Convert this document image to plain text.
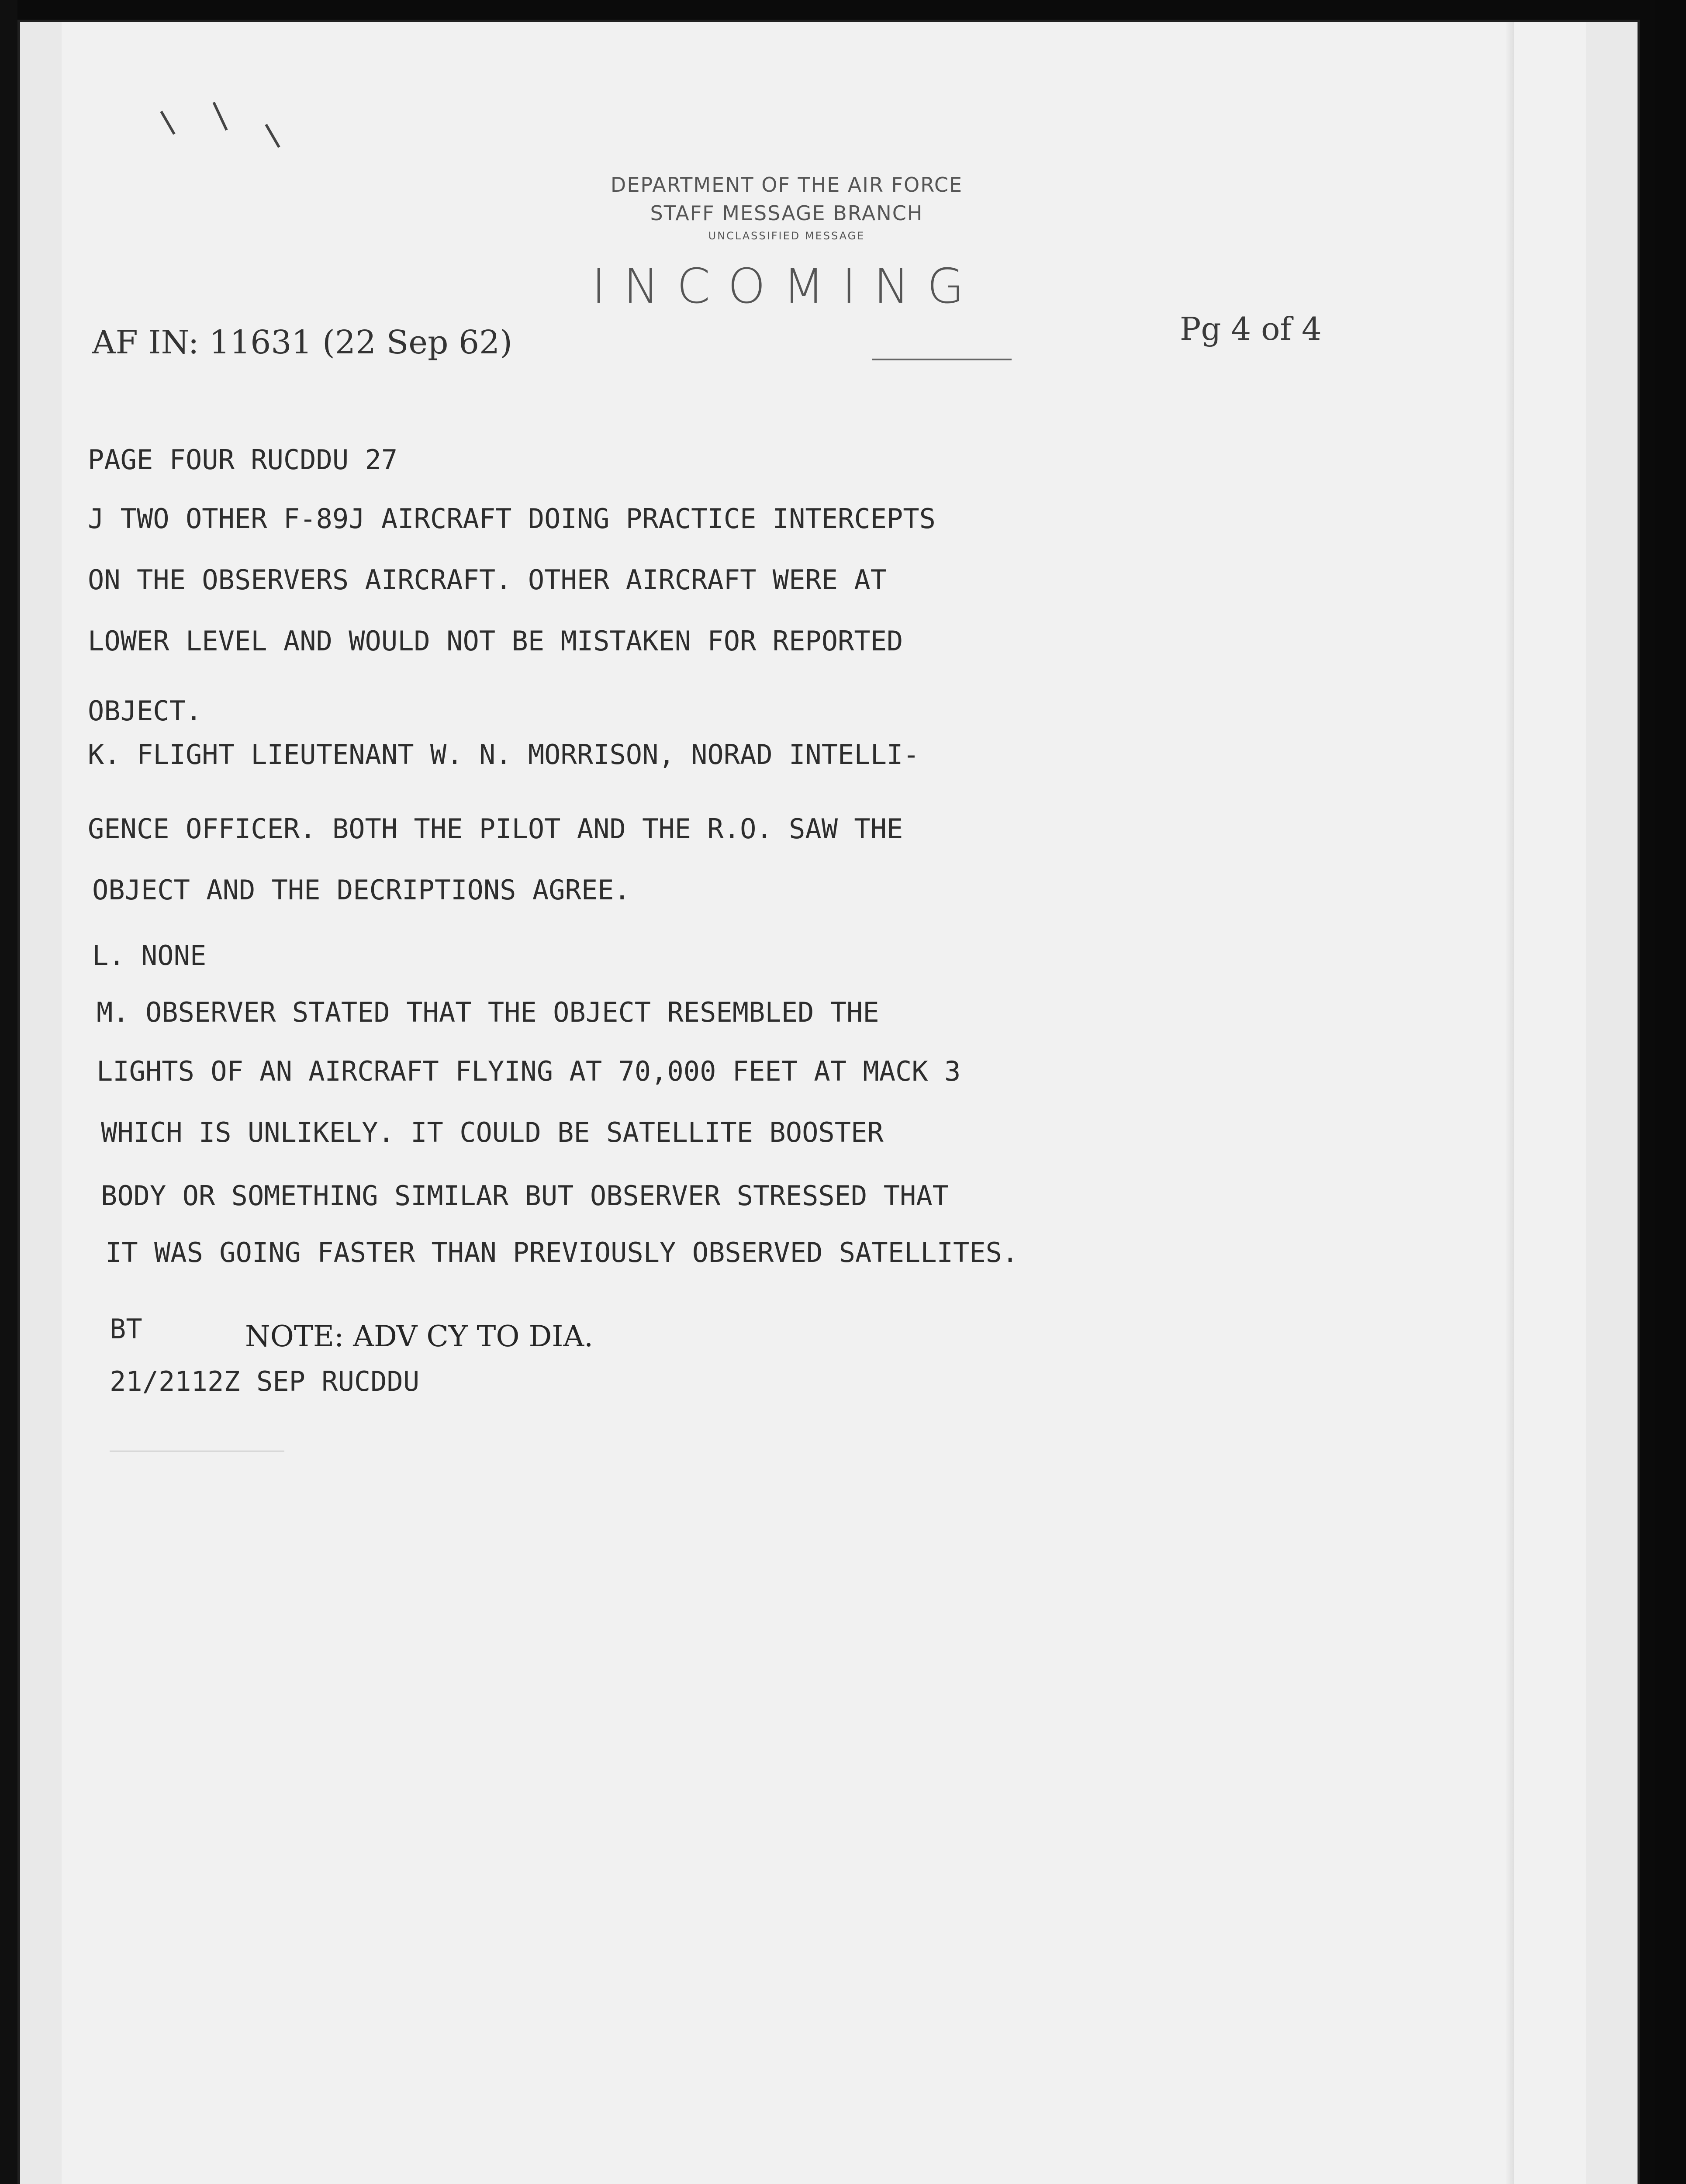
DEPARTMENT OF THE AIR FORCE
STAFF MESSAGE BRANCH
UNCLASSIFIED MESSAGE
INCOMING
AF IN: 11631 (22 Sep 62)	Pg 4 of 4
PAGE FOUR RUCDDU 27
J TWO OTHER F-89J AIRCRAFT DOING PRACTICE INTERCEPTS
ON THE OBSERVERS AIRCRAFT. OTHER AIRCRAFT WERE AT
LOWER LEVEL AND WOULD NOT BE MISTAKEN FOR REPORTED
OBJECT.
K. FLIGHT LIEUTENANT W. N. MORRISON, NORAD INTELLI-
GENCE OFFICER. BOTH THE PILOT AND THE R.O. SAW THE
OBJECT AND THE DECRIPTIONS AGREE.
L. NONE
M. OBSERVER STATED THAT THE OBJECT RESEMBLED THE
LIGHTS OF AN AIRCRAFT FLYING AT 70,000 FEET AT MACK 3
WHICH IS UNLIKELY. IT COULD BE SATELLITE BOOSTER
BODY OR SOMETHING SIMILAR BUT OBSERVER STRESSED THAT
IT WAS GOING FASTER THAN PREVIOUSLY OBSERVED SATELLITES.
BT	NOTE: ADV CY TO DIA.
21/2112Z SEP RUCDDU
